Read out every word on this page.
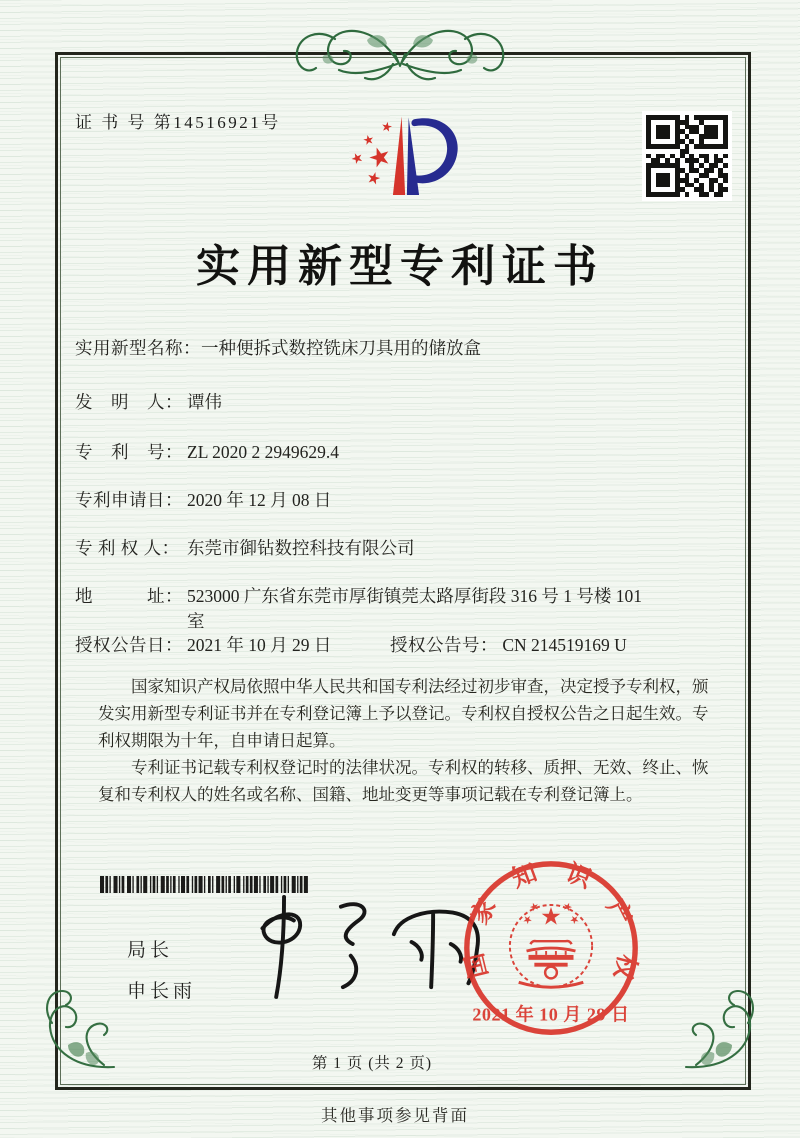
证 书 号 第14516921号
实用新型专利证书
实用新型名称： 一种便拆式数控铣床刀具用的储放盒
发　明　人： 谭伟
专　利　号： ZL 2020 2 2949629.4
专利申请日： 2020 年 12 月 08 日
专 利 权 人： 东莞市御钻数控科技有限公司
地　　　址： 523000 广东省东莞市厚街镇莞太路厚街段 316 号 1 号楼 101 室
授权公告日： 2021 年 10 月 29 日	授权公告号： CN 214519169 U

国家知识产权局依照中华人民共和国专利法经过初步审查，决定授予专利权，颁发实用新型专利证书并在专利登记簿上予以登记。专利权自授权公告之日起生效。专利权期限为十年，自申请日起算。

专利证书记载专利权登记时的法律状况。专利权的转移、质押、无效、终止、恢复和专利权人的姓名或名称、国籍、地址变更等事项记载在专利登记簿上。

局长
申长雨
国家知识产权局
2021 年 10 月 29 日
第 1 页 (共 2 页)
其他事项参见背面
